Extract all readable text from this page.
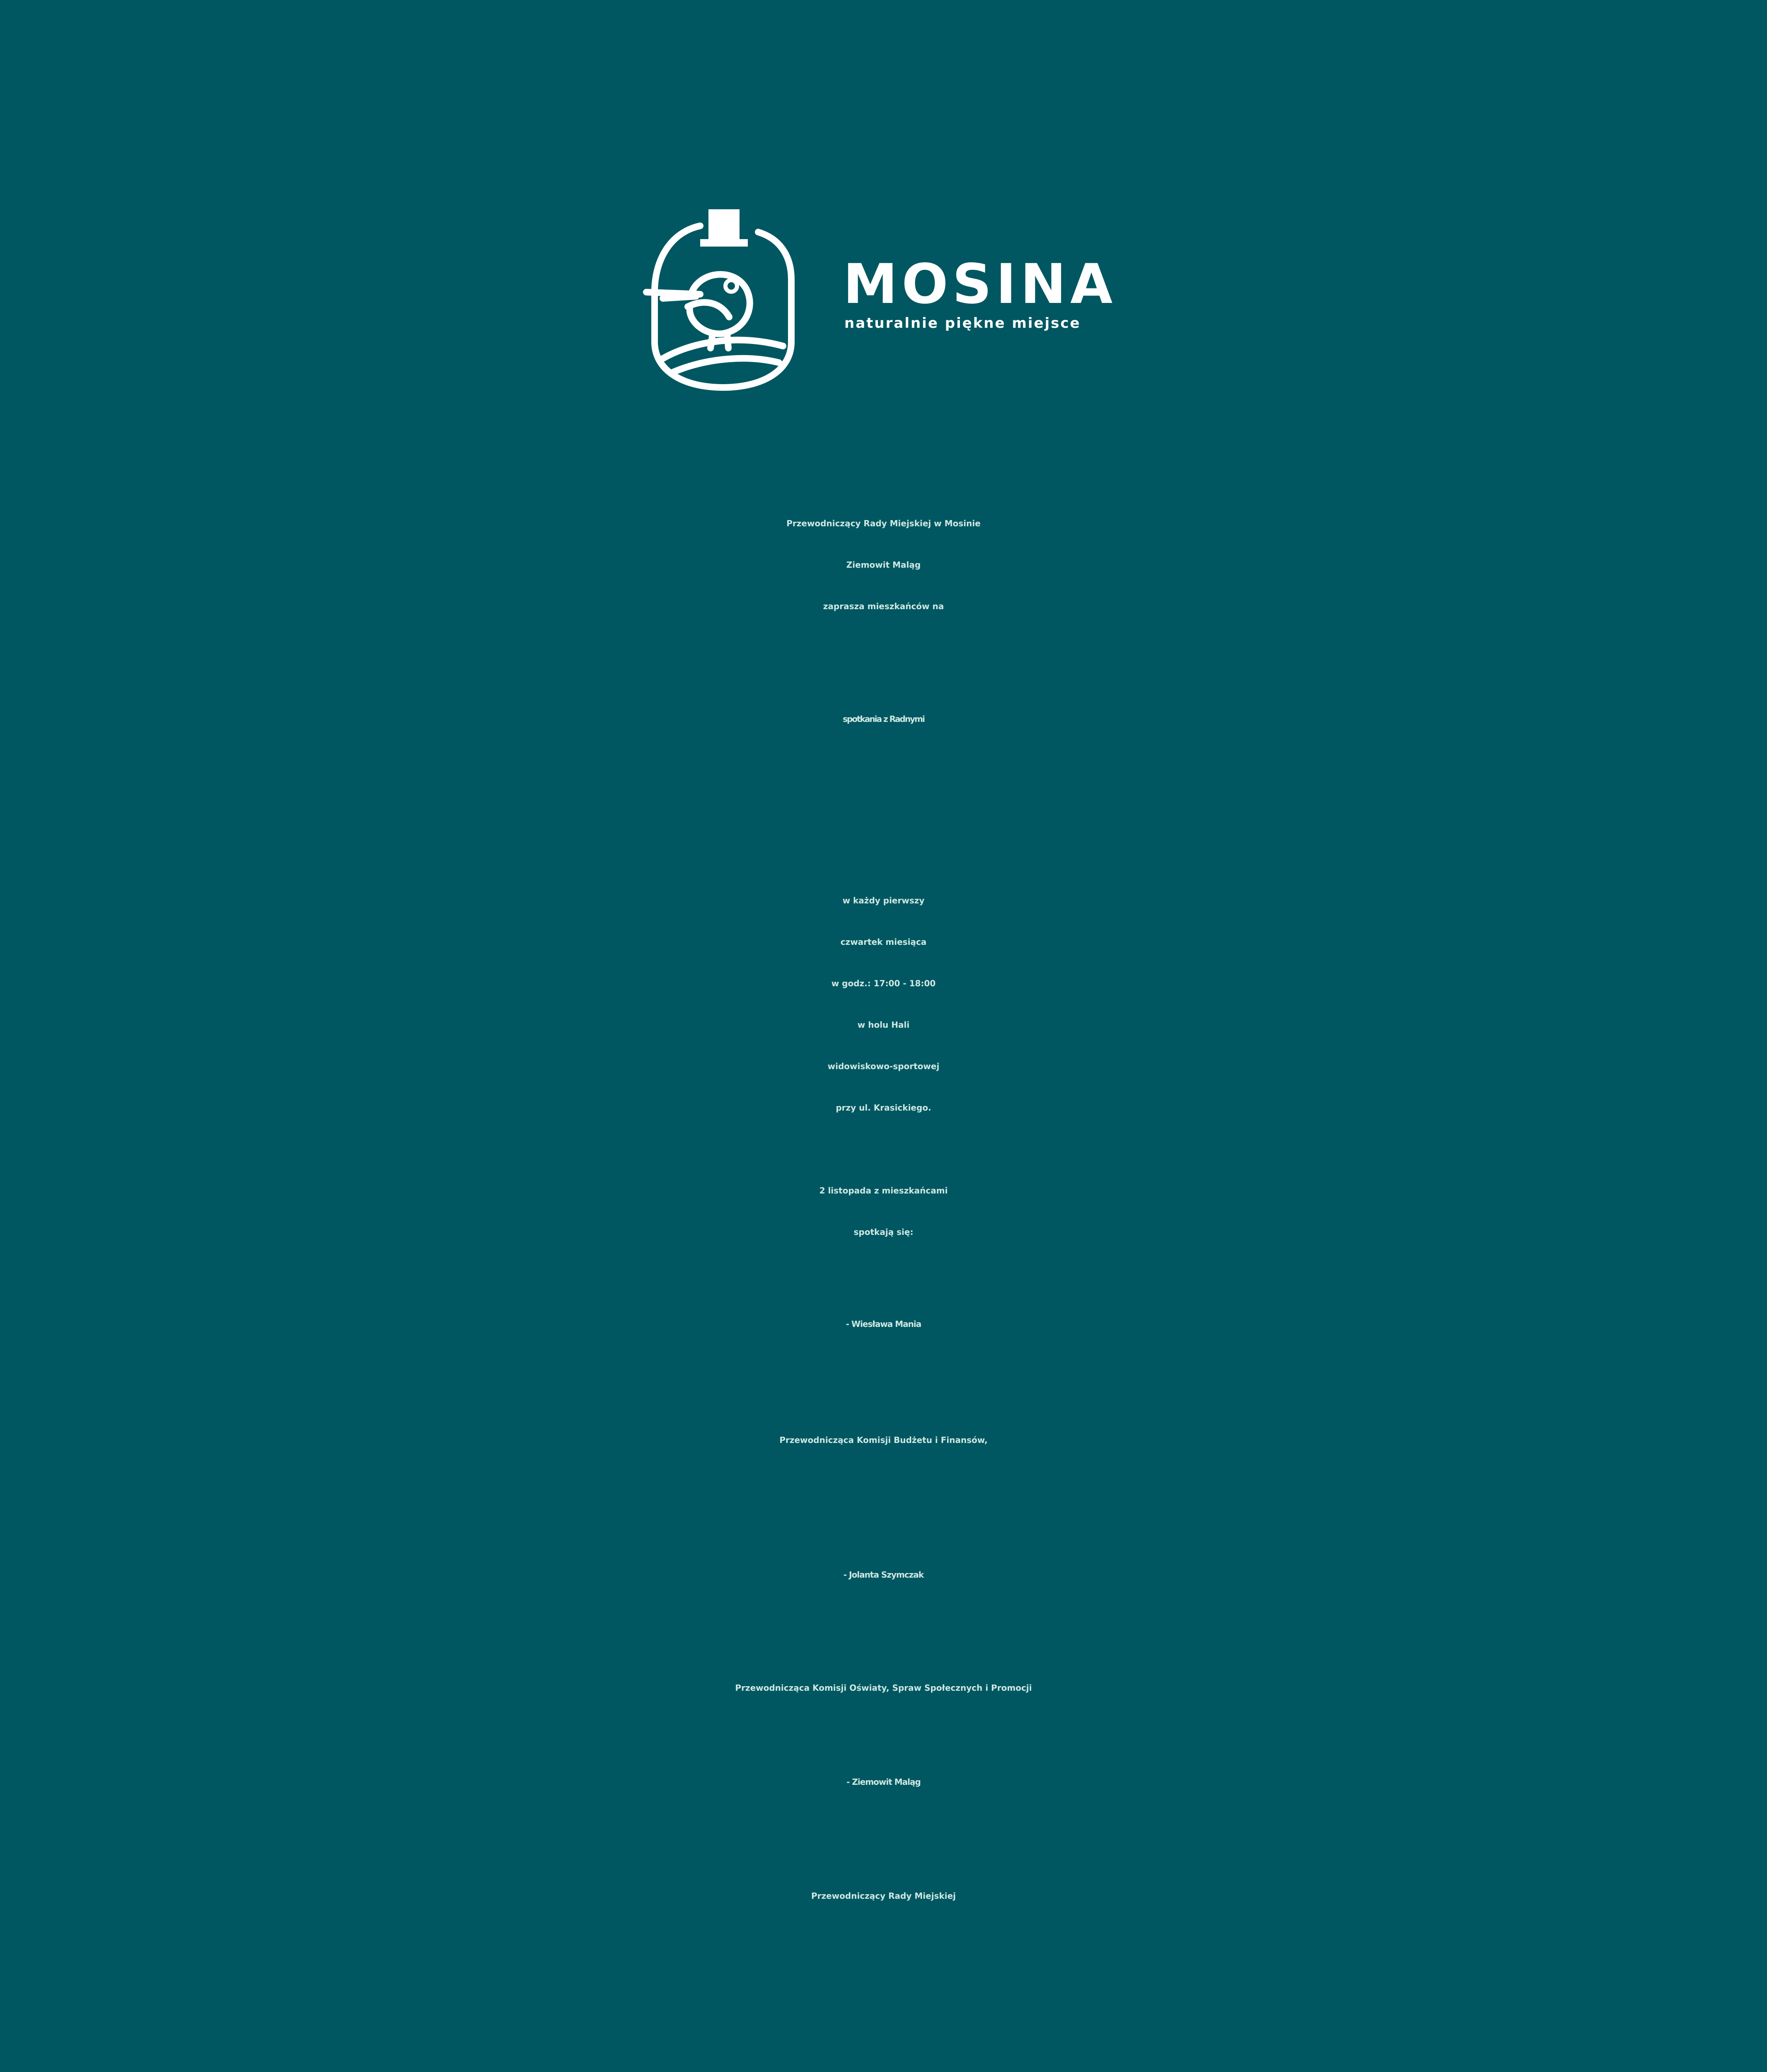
MOSINA
naturalnie piękne miejsce
Przewodniczący Rady Miejskiej w Mosinie
Ziemowit Maląg
zaprasza mieszkańców na
spotkania z Radnymi
w każdy pierwszy
czwartek miesiąca
w godz.: 17:00 - 18:00
w holu Hali
widowiskowo-sportowej
przy ul. Krasickiego.
2 listopada z mieszkańcami
spotkają się:
- Wiesława Mania
Przewodnicząca Komisji Budżetu i Finansów,
- Jolanta Szymczak
Przewodnicząca Komisji Oświaty, Spraw Społecznych i Promocji
- Ziemowit Maląg
Przewodniczący Rady Miejskiej
